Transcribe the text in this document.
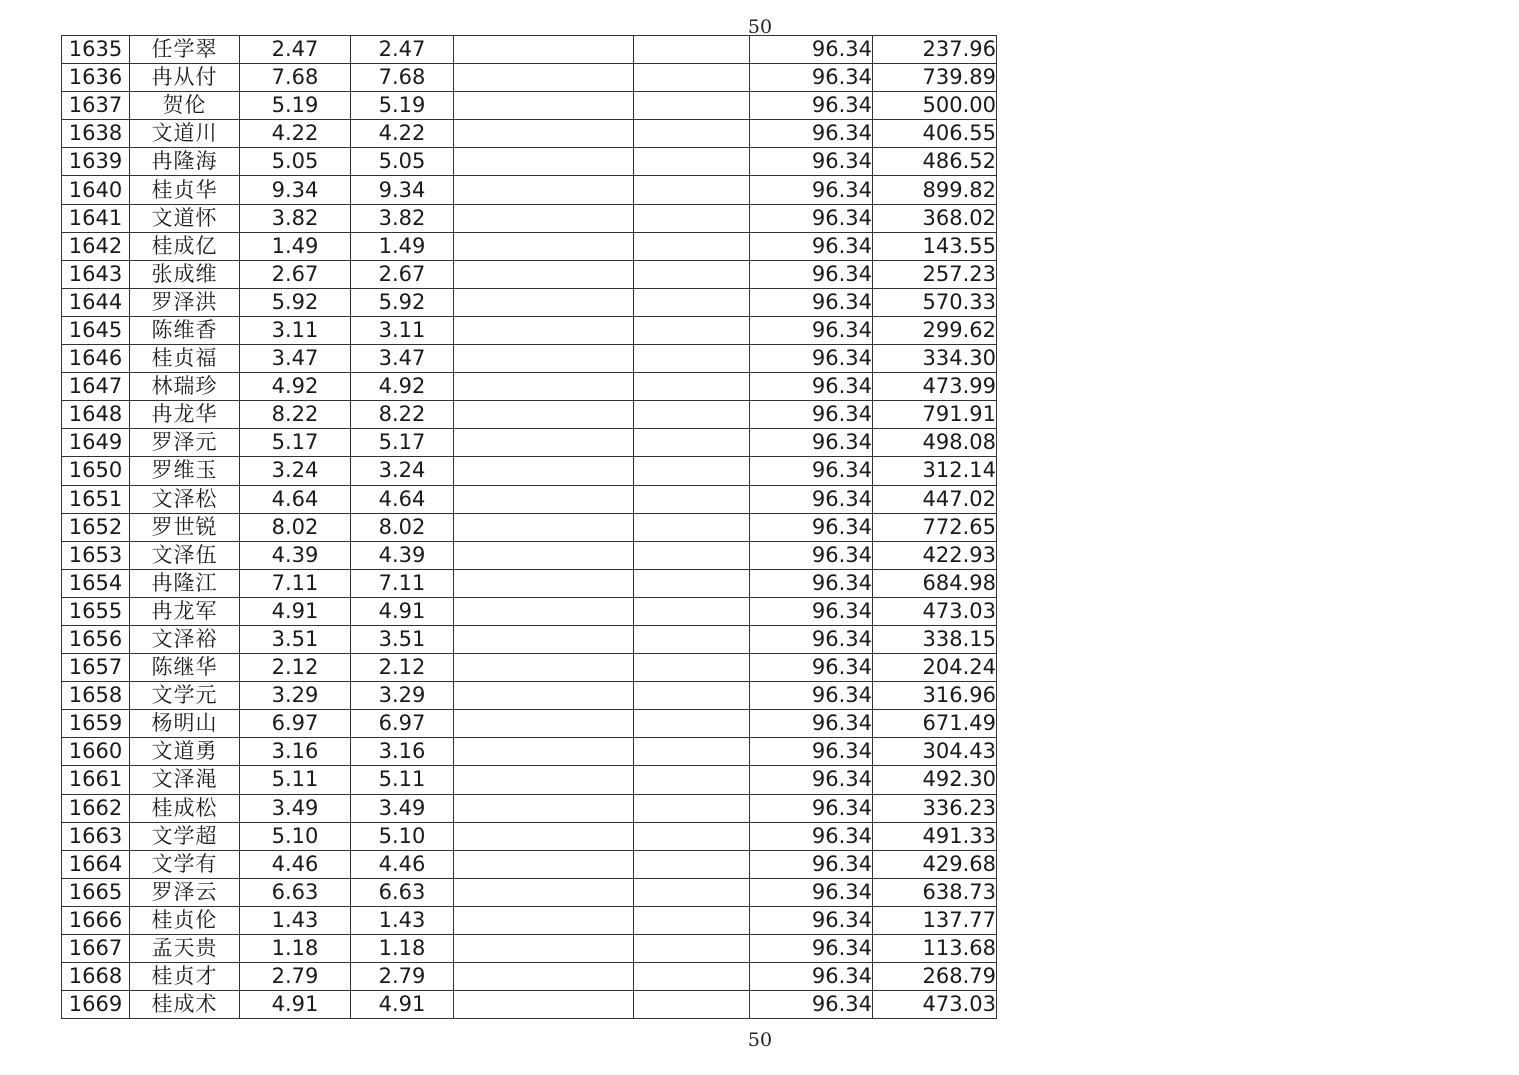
50
1635	任学翠	2.47	2.47			96.34	237.96
1636	冉从付	7.68	7.68			96.34	739.89
1637	贺伦	5.19	5.19			96.34	500.00
1638	文道川	4.22	4.22			96.34	406.55
1639	冉隆海	5.05	5.05			96.34	486.52
1640	桂贞华	9.34	9.34			96.34	899.82
1641	文道怀	3.82	3.82			96.34	368.02
1642	桂成亿	1.49	1.49			96.34	143.55
1643	张成维	2.67	2.67			96.34	257.23
1644	罗泽洪	5.92	5.92			96.34	570.33
1645	陈维香	3.11	3.11			96.34	299.62
1646	桂贞福	3.47	3.47			96.34	334.30
1647	林瑞珍	4.92	4.92			96.34	473.99
1648	冉龙华	8.22	8.22			96.34	791.91
1649	罗泽元	5.17	5.17			96.34	498.08
1650	罗维玉	3.24	3.24			96.34	312.14
1651	文泽松	4.64	4.64			96.34	447.02
1652	罗世锐	8.02	8.02			96.34	772.65
1653	文泽伍	4.39	4.39			96.34	422.93
1654	冉隆江	7.11	7.11			96.34	684.98
1655	冉龙军	4.91	4.91			96.34	473.03
1656	文泽裕	3.51	3.51			96.34	338.15
1657	陈继华	2.12	2.12			96.34	204.24
1658	文学元	3.29	3.29			96.34	316.96
1659	杨明山	6.97	6.97			96.34	671.49
1660	文道勇	3.16	3.16			96.34	304.43
1661	文泽渑	5.11	5.11			96.34	492.30
1662	桂成松	3.49	3.49			96.34	336.23
1663	文学超	5.10	5.10			96.34	491.33
1664	文学有	4.46	4.46			96.34	429.68
1665	罗泽云	6.63	6.63			96.34	638.73
1666	桂贞伦	1.43	1.43			96.34	137.77
1667	孟天贵	1.18	1.18			96.34	113.68
1668	桂贞才	2.79	2.79			96.34	268.79
1669	桂成术	4.91	4.91			96.34	473.03
50
